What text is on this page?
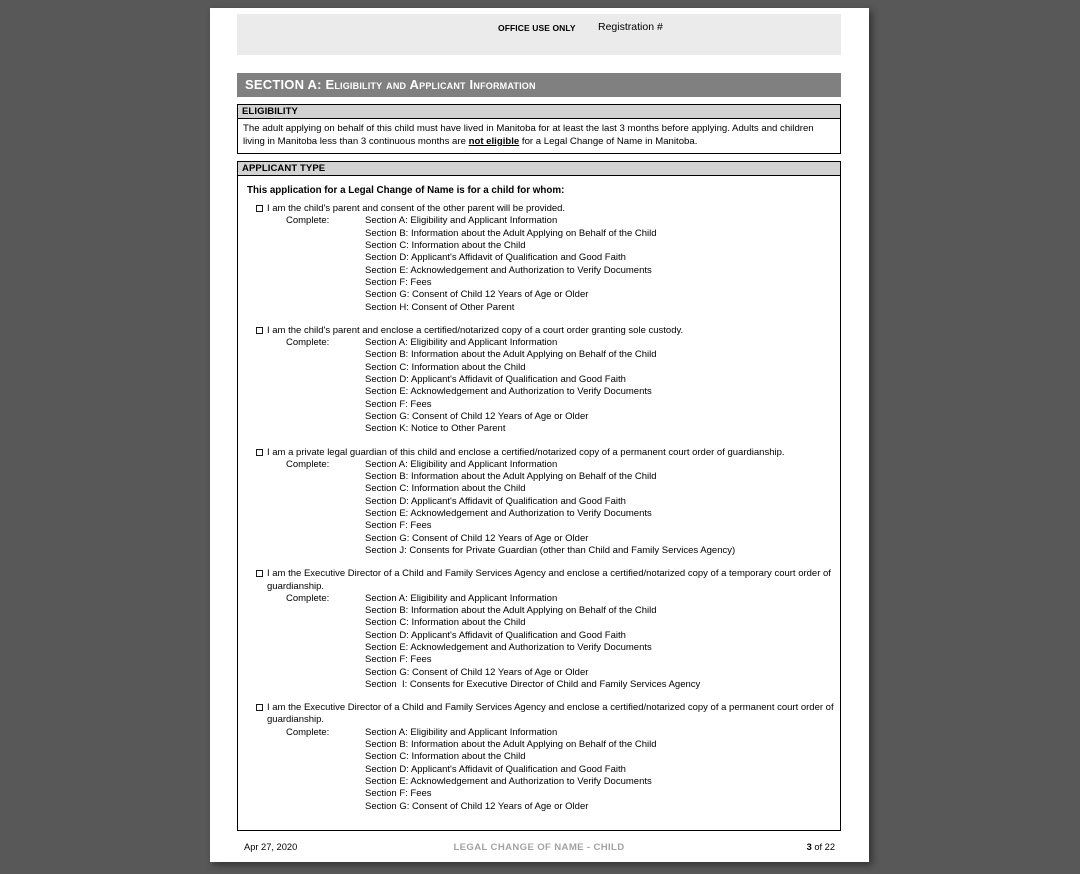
OFFICE USE ONLY Registration #
SECTION A: Eligibility and Applicant Information
ELIGIBILITY
The adult applying on behalf of this child must have lived in Manitoba for at least the last 3 months before applying. Adults and children living in Manitoba less than 3 continuous months are not eligible for a Legal Change of Name in Manitoba.
APPLICANT TYPE
This application for a Legal Change of Name is for a child for whom:
I am the child's parent and consent of the other parent will be provided.
Complete:	Section A: Eligibility and Applicant Information
Section B: Information about the Adult Applying on Behalf of the Child
Section C: Information about the Child
Section D: Applicant's Affidavit of Qualification and Good Faith
Section E: Acknowledgement and Authorization to Verify Documents
Section F: Fees
Section G: Consent of Child 12 Years of Age or Older
Section H: Consent of Other Parent
I am the child's parent and enclose a certified/notarized copy of a court order granting sole custody.
Complete:	Section A: Eligibility and Applicant Information
Section B: Information about the Adult Applying on Behalf of the Child
Section C: Information about the Child
Section D: Applicant's Affidavit of Qualification and Good Faith
Section E: Acknowledgement and Authorization to Verify Documents
Section F: Fees
Section G: Consent of Child 12 Years of Age or Older
Section K: Notice to Other Parent
I am a private legal guardian of this child and enclose a certified/notarized copy of a permanent court order of guardianship.
Complete:	Section A: Eligibility and Applicant Information
Section B: Information about the Adult Applying on Behalf of the Child
Section C: Information about the Child
Section D: Applicant's Affidavit of Qualification and Good Faith
Section E: Acknowledgement and Authorization to Verify Documents
Section F: Fees
Section G: Consent of Child 12 Years of Age or Older
Section J: Consents for Private Guardian (other than Child and Family Services Agency)
I am the Executive Director of a Child and Family Services Agency and enclose a certified/notarized copy of a temporary court order of guardianship.
Complete:	Section A: Eligibility and Applicant Information
Section B: Information about the Adult Applying on Behalf of the Child
Section C: Information about the Child
Section D: Applicant's Affidavit of Qualification and Good Faith
Section E: Acknowledgement and Authorization to Verify Documents
Section F: Fees
Section G: Consent of Child 12 Years of Age or Older
Section  I: Consents for Executive Director of Child and Family Services Agency
I am the Executive Director of a Child and Family Services Agency and enclose a certified/notarized copy of a permanent court order of guardianship.
Complete:	Section A: Eligibility and Applicant Information
Section B: Information about the Adult Applying on Behalf of the Child
Section C: Information about the Child
Section D: Applicant's Affidavit of Qualification and Good Faith
Section E: Acknowledgement and Authorization to Verify Documents
Section F: Fees
Section G: Consent of Child 12 Years of Age or Older
Apr 27, 2020	LEGAL CHANGE OF NAME - CHILD	3 of 22
